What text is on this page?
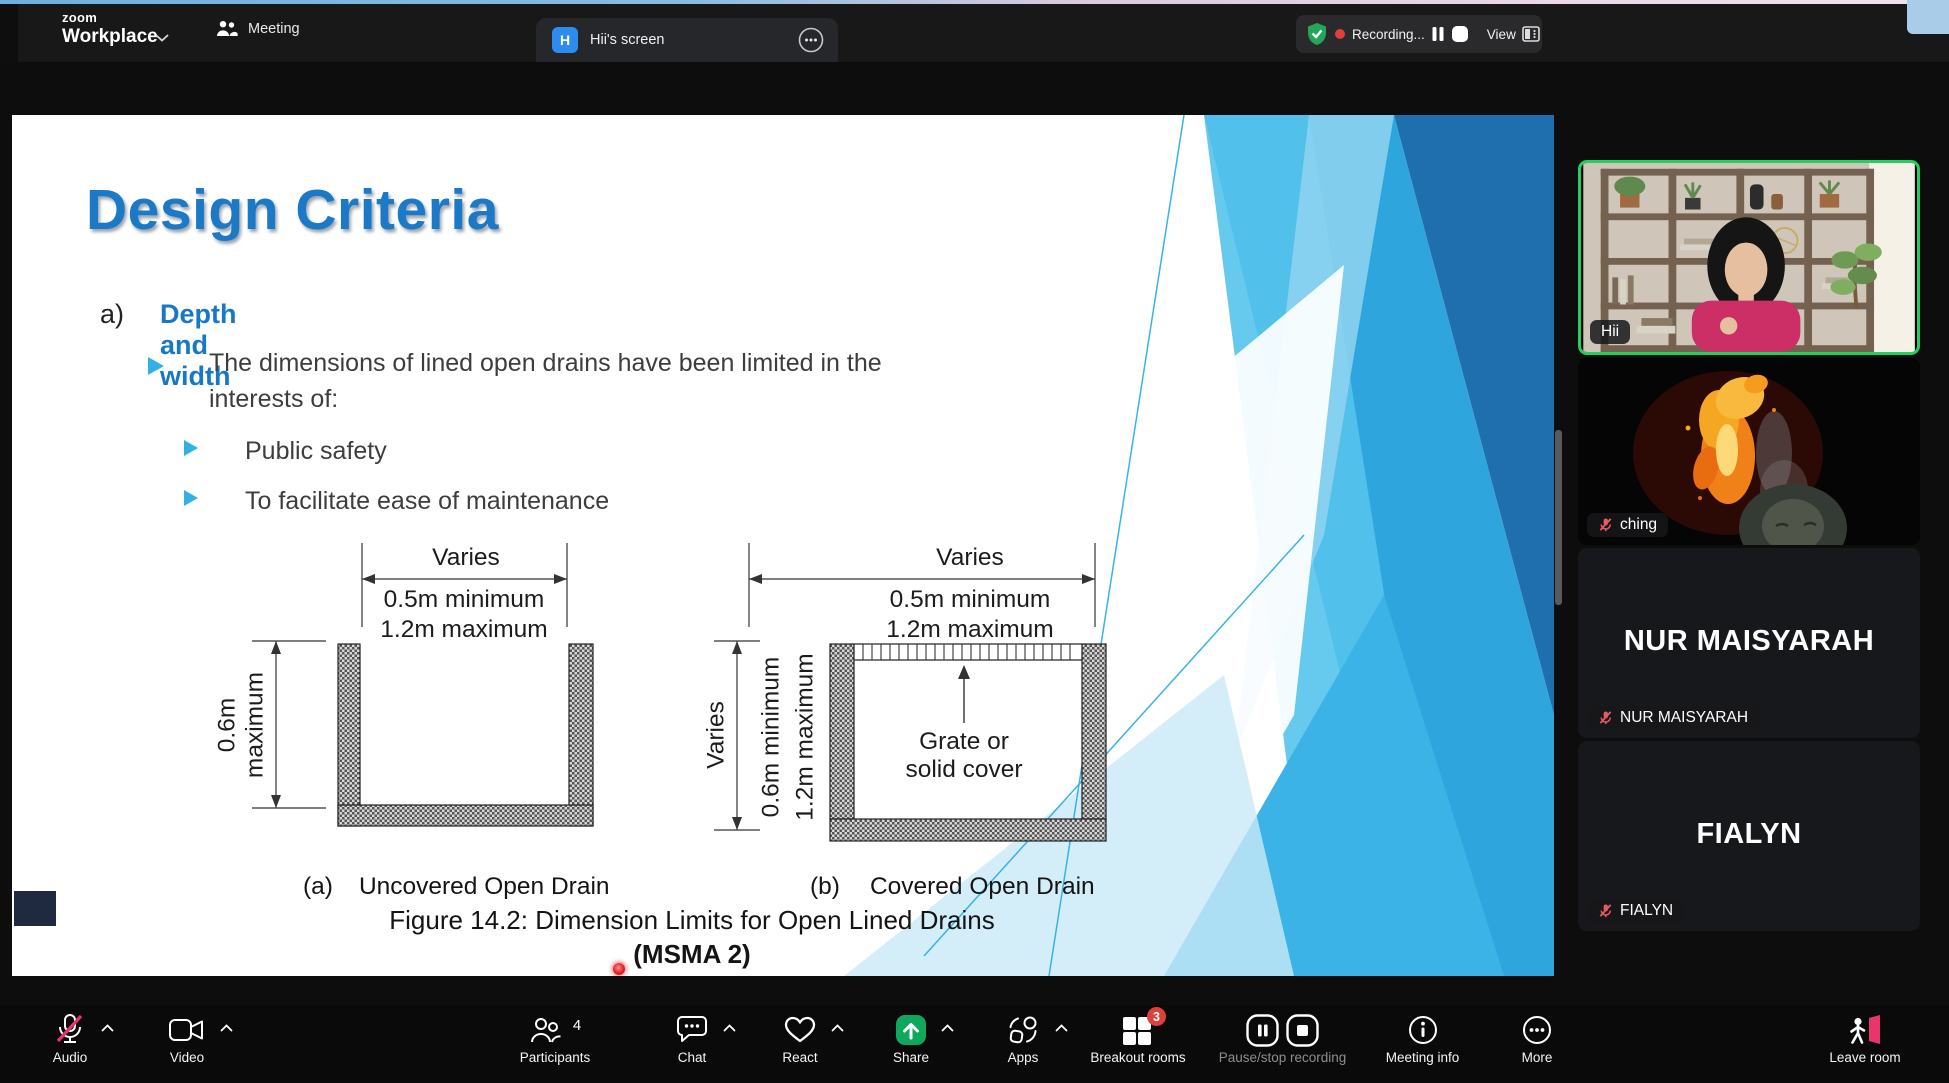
zoom
Workplace	Meeting
H	Hii's screen	Recording...	View
Design Criteria
a) Depth and width
The dimensions of lined open drains have been limited in the
interests of:
Public safety
To facilitate ease of maintenance
Varies
0.5m minimum
1.2m maximum
0.6m maximum
Varies
0.5m minimum
1.2m maximum
Varies 0.6m minimum 1.2m maximum	Grate or
solid cover
(a) Uncovered Open Drain	(b) Covered Open Drain
Figure 14.2: Dimension Limits for Open Lined Drains
(MSMA 2)
Hii
ching
NUR MAISYARAH
NUR MAISYARAH
FIALYN
FIALYN
Audio	Video
4
Participants	Chat	React	Share	Apps
3
Breakout rooms Pause/stop recording	Meeting info	More	Leave room
